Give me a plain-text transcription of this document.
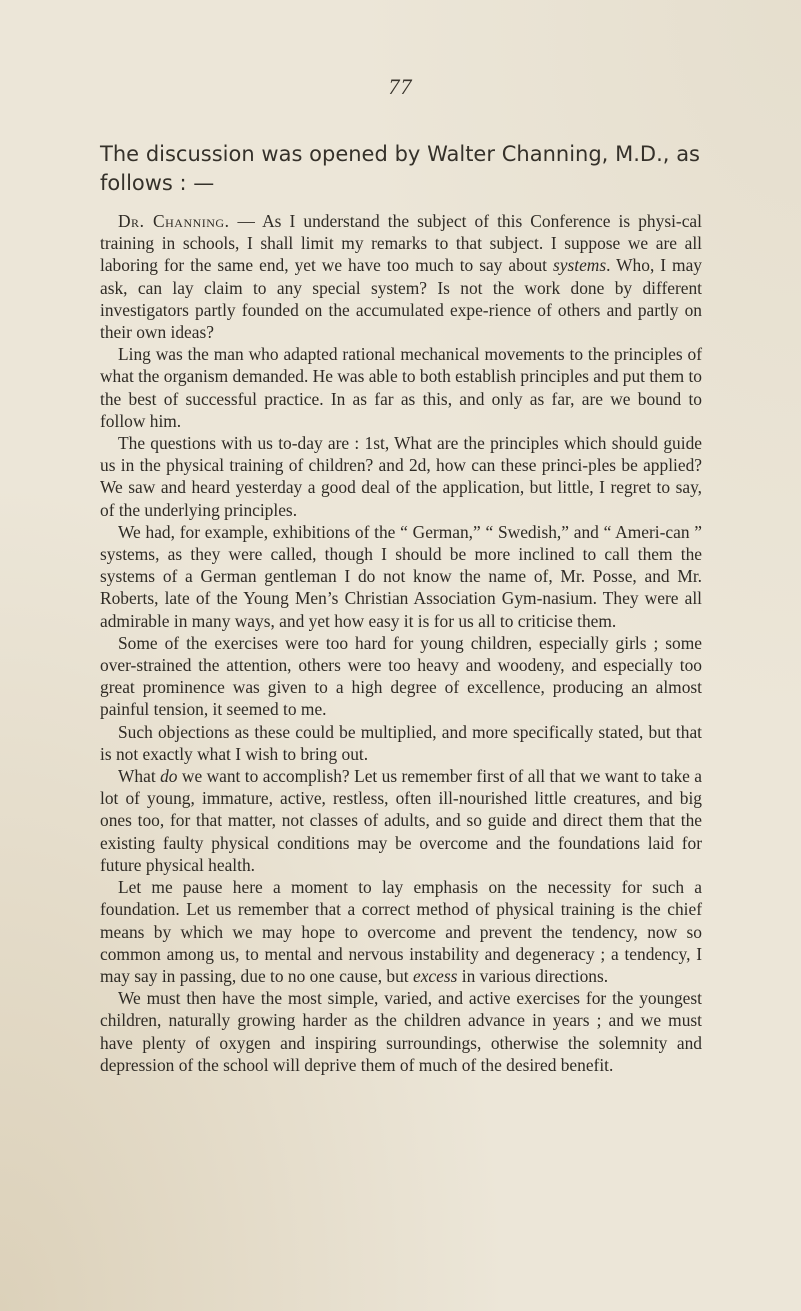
77

The discussion was opened by Walter Channing, M.D., as follows : —

Dr. Channing. — As I understand the subject of this Conference is physi-cal training in schools, I shall limit my remarks to that subject. I suppose we are all laboring for the same end, yet we have too much to say about systems. Who, I may ask, can lay claim to any special system? Is not the work done by different investigators partly founded on the accumulated expe-rience of others and partly on their own ideas?

Ling was the man who adapted rational mechanical movements to the principles of what the organism demanded. He was able to both establish principles and put them to the best of successful practice. In as far as this, and only as far, are we bound to follow him.

The questions with us to-day are : 1st, What are the principles which should guide us in the physical training of children? and 2d, how can these princi-ples be applied? We saw and heard yesterday a good deal of the application, but little, I regret to say, of the underlying principles.

We had, for example, exhibitions of the “ German,” “ Swedish,” and “ Ameri-can ” systems, as they were called, though I should be more inclined to call them the systems of a German gentleman I do not know the name of, Mr. Posse, and Mr. Roberts, late of the Young Men’s Christian Association Gym-nasium. They were all admirable in many ways, and yet how easy it is for us all to criticise them.

Some of the exercises were too hard for young children, especially girls ; some over-strained the attention, others were too heavy and woodeny, and especially too great prominence was given to a high degree of excellence, producing an almost painful tension, it seemed to me.

Such objections as these could be multiplied, and more specifically stated, but that is not exactly what I wish to bring out.

What do we want to accomplish? Let us remember first of all that we want to take a lot of young, immature, active, restless, often ill-nourished little creatures, and big ones too, for that matter, not classes of adults, and so guide and direct them that the existing faulty physical conditions may be overcome and the foundations laid for future physical health.

Let me pause here a moment to lay emphasis on the necessity for such a foundation. Let us remember that a correct method of physical training is the chief means by which we may hope to overcome and prevent the tendency, now so common among us, to mental and nervous instability and degeneracy ; a tendency, I may say in passing, due to no one cause, but excess in various directions.

We must then have the most simple, varied, and active exercises for the youngest children, naturally growing harder as the children advance in years ; and we must have plenty of oxygen and inspiring surroundings, otherwise the solemnity and depression of the school will deprive them of much of the desired benefit.
